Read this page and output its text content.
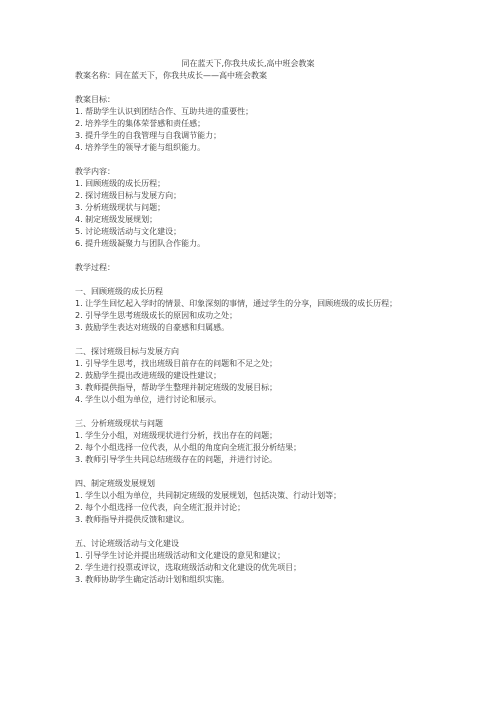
同在蓝天下,你我共成长,高中班会教案
教案名称：同在蓝天下，你我共成长——高中班会教案
教案目标：
1. 帮助学生认识到团结合作、互助共进的重要性；
2. 培养学生的集体荣誉感和责任感；
3. 提升学生的自我管理与自我调节能力；
4. 培养学生的领导才能与组织能力。
教学内容：
1. 回顾班级的成长历程；
2. 探讨班级目标与发展方向；
3. 分析班级现状与问题；
4. 制定班级发展规划；
5. 讨论班级活动与文化建设；
6. 提升班级凝聚力与团队合作能力。
教学过程：
一、回顾班级的成长历程
1. 让学生回忆起入学时的情景、印象深刻的事情，通过学生的分享，回顾班级的成长历程；
2. 引导学生思考班级成长的原因和成功之处；
3. 鼓励学生表达对班级的自豪感和归属感。
二、探讨班级目标与发展方向
1. 引导学生思考，找出班级目前存在的问题和不足之处；
2. 鼓励学生提出改进班级的建设性建议；
3. 教师提供指导，帮助学生整理并制定班级的发展目标；
4. 学生以小组为单位，进行讨论和展示。
三、分析班级现状与问题
1. 学生分小组，对班级现状进行分析，找出存在的问题；
2. 每个小组选择一位代表，从小组的角度向全班汇报分析结果；
3. 教师引导学生共同总结班级存在的问题，并进行讨论。
四、制定班级发展规划
1. 学生以小组为单位，共同制定班级的发展规划，包括决策、行动计划等；
2. 每个小组选择一位代表，向全班汇报并讨论；
3. 教师指导并提供反馈和建议。
五、讨论班级活动与文化建设
1. 引导学生讨论并提出班级活动和文化建设的意见和建议；
2. 学生进行投票或评议，选取班级活动和文化建设的优先项目；
3. 教师协助学生确定活动计划和组织实施。
